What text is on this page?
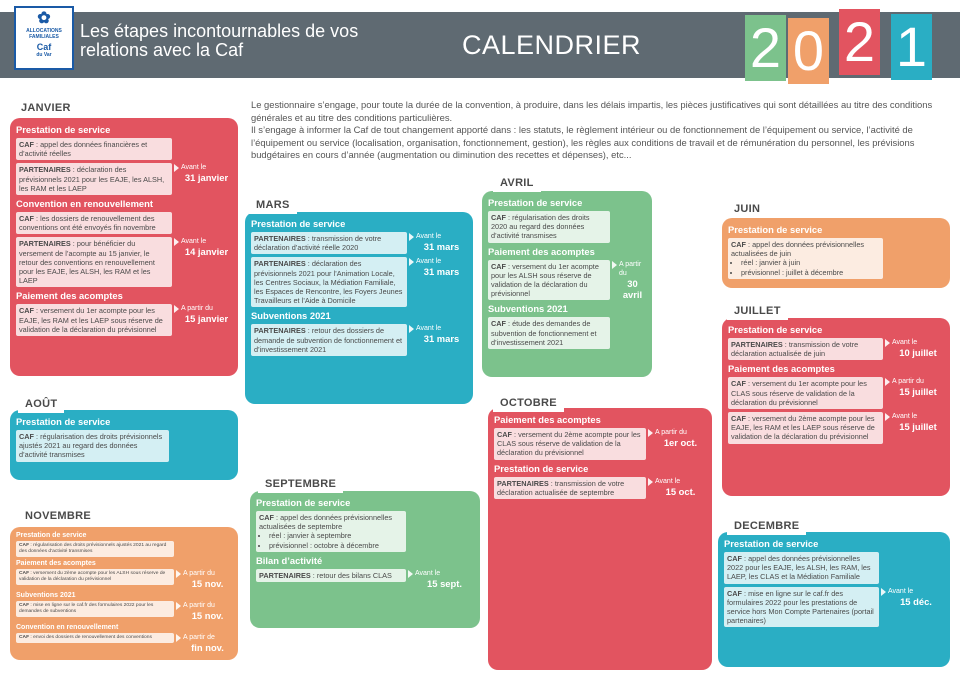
✿
ALLOCATIONS
FAMILIALES
Caf
du Var
Les étapes incontournables de vos relations avec la Caf	CALENDRIER 2 0 2 1
Le gestionnaire s’engage, pour toute la durée de la convention, à produire, dans les délais impartis, les pièces justificatives qui sont détaillées au titre des conditions générales et au titre des conditions particulières.
Il s’engage à informer la Caf de tout changement apporté dans : les statuts, le règlement intérieur ou de fonctionnement de l’équipement ou service, l’activité de l’équipement ou service (localisation, organisation, fonctionnement, gestion), les règles aux conditions de travail et de rémunération du personnel, les prévisions budgétaires en cours d’année (augmentation ou diminution des recettes et dépenses), etc...
Prestation de service
CAF : appel des données financières et d’activité réelles
PARTENAIRES : déclaration des prévisionnels 2021 pour les EAJE, les ALSH, les RAM et les LAEP
Avant le
31 janvier
Convention en renouvellement
CAF : les dossiers de renouvellement des conventions ont été envoyés fin novembre
PARTENAIRES : pour bénéficier du versement de l’acompte au 15 janvier, le retour des conventions en renouvellement pour les EAJE, les ALSH, les RAM et les LAEP
Avant le
14 janvier
Paiement des acomptes
CAF : versement du 1er acompte pour les EAJE, les RAM et les LAEP sous réserve de validation de la déclaration du prévisionnel
A partir du
15 janvier
JANVIER
Prestation de service
PARTENAIRES : transmission de votre déclaration d’activité réelle 2020
Avant le
31 mars
PARTENAIRES : déclaration des prévisionnels 2021 pour l’Animation Locale, les Centres Sociaux, la Médiation Familiale, les Espaces de Rencontre, les Foyers Jeunes Travailleurs et l’Aide à Domicile
Avant le
31 mars
Subventions 2021
PARTENAIRES : retour des dossiers de demande de subvention de fonctionnement et d’investissement 2021
Avant le
31 mars
MARS	Prestation de service
CAF : régularisation des droits 2020 au regard des données d’activité transmises
Paiement des acomptes
CAF : versement du 1er acompte pour les ALSH sous réserve de validation de la déclaration du prévisionnel
A partir du
30 avril
Subventions 2021
CAF : étude des demandes de subvention de fonctionnement et d’investissement 2021
AVRIL
Prestation de service
CAF : appel des données prévisionnelles actualisées de juin
• réel : janvier à juin
• prévisionnel : juillet à décembre
JUIN
Prestation de service
PARTENAIRES : transmission de votre déclaration actualisée de juin
Avant le
10 juillet
Paiement des acomptes
CAF : versement du 1er acompte pour les CLAS sous réserve de validation de la déclaration du prévisionnel
A partir du
15 juillet
CAF : versement du 2ème acompte pour les EAJE, les RAM et les LAEP sous réserve de validation de la déclaration du prévisionnel
Avant le
15 juillet
JUILLET
Prestation de service
CAF : régularisation des droits prévisionnels ajustés 2021 au regard des données d’activité transmises
AOÛT
Prestation de service
CAF : appel des données prévisionnelles actualisées de septembre
• réel : janvier à septembre
• prévisionnel : octobre à décembre
Bilan d’activité
PARTENAIRES : retour des bilans CLAS	Avant le
15 sept.
SEPTEMBRE
Paiement des acomptes
CAF : versement du 2ème acompte pour les CLAS sous réserve de validation de la déclaration du prévisionnel
A partir du
1er oct.
Prestation de service
PARTENAIRES : transmission de votre déclaration actualisée de septembre
Avant le
15 oct.
OCTOBRE
Prestation de service
CAF : régularisation des droits prévisionnels ajustés 2021 au regard des données d’activité transmises
Paiement des acomptes
CAF : versement du 2ème acompte pour les ALSH sous réserve de validation de la déclaration du prévisionnel
A partir du
15 nov.
Subventions 2021
CAF : mise en ligne sur le caf.fr des formulaires 2022 pour les demandes de subventions
A partir du
15 nov.
Convention en renouvellement
CAF : envoi des dossiers de renouvellement des conventions	A partir de
fin nov.
NOVEMBRE
Prestation de service
CAF : appel des données prévisionnelles 2022 pour les EAJE, les ALSH, les RAM, les LAEP, les CLAS et la Médiation Familiale
CAF : mise en ligne sur le caf.fr des formulaires 2022 pour les prestations de service hors Mon Compte Partenaires (portail partenaires)
Avant le
15 déc.
DECEMBRE
